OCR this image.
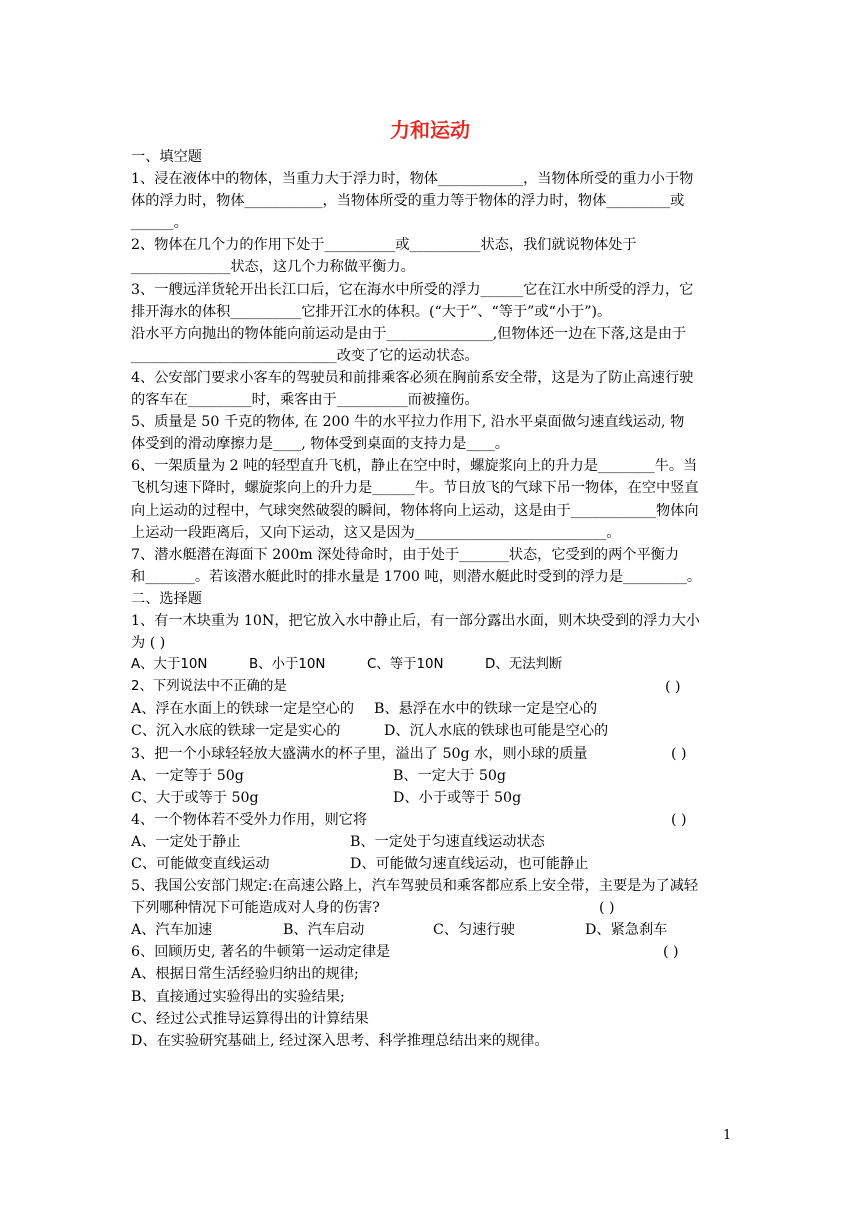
力和运动
一、填空题
1、浸在液体中的物体，当重力大于浮力时，物体____________，当物体所受的重力小于物
体的浮力时，物体___________，当物体所受的重力等于物体的浮力时，物体_________或
______。
2、物体在几个力的作用下处于__________或__________状态，我们就说物体处于
______________状态，这几个力称做平衡力。
3、一艘远洋货轮开出长江口后，它在海水中所受的浮力______它在江水中所受的浮力，它
排开海水的体积__________它排开江水的体积。(“大于”、“等于”或“小于”)。
沿水平方向抛出的物体能向前运动是由于_______________,但物体还一边在下落,这是由于
_____________________________改变了它的运动状态。
4、公安部门要求小客车的驾驶员和前排乘客必须在胸前系安全带，这是为了防止高速行驶
的客车在_________时，乘客由于__________而被撞伤。
5、质量是 50 千克的物体, 在 200 牛的水平拉力作用下, 沿水平桌面做匀速直线运动, 物
体受到的滑动摩擦力是____, 物体受到桌面的支持力是____。
6、一架质量为 2 吨的轻型直升飞机，静止在空中时，螺旋浆向上的升力是________牛。当
飞机匀速下降时，螺旋浆向上的升力是______牛。节日放飞的气球下吊一物体，在空中竖直
向上运动的过程中，气球突然破裂的瞬间，物体将向上运动，这是由于____________物体向
上运动一段距离后，又向下运动，这又是因为___________________________。
7、潜水艇潜在海面下 200m 深处待命时，由于处于_______状态，它受到的两个平衡力
和_______。若该潜水艇此时的排水量是 1700 吨，则潜水艇此时受到的浮力是_________。
二、选择题
1、有一木块重为 10N，把它放入水中静止后，有一部分露出水面，则木块受到的浮力大小
为 ( )
A、大于10N	B、小于10N	C、等于10N	D、无法判断
2、下列说法中不正确的是	( )
A、浮在水面上的铁球一定是空心的	B、悬浮在水中的铁球一定是空心的
C、沉入水底的铁球一定是实心的	D、沉人水底的铁球也可能是空心的
3、把一个小球轻轻放大盛满水的杯子里，溢出了 50g 水，则小球的质量	( )
A、一定等于 50g	B、一定大于 50g
C、大于或等于 50g	D、小于或等于 50g
4、一个物体若不受外力作用，则它将	( )
A、一定处于静止	B、一定处于匀速直线运动状态
C、可能做变直线运动	D、可能做匀速直线运动，也可能静止
5、我国公安部门规定:在高速公路上，汽车驾驶员和乘客都应系上安全带，主要是为了减轻
下列哪种情况下可能造成对人身的伤害?	( )
A、汽车加速	B、汽车启动	C、匀速行驶	D、紧急刹车
6、回顾历史, 著名的牛顿第一运动定律是	( )
A、根据日常生活经验归纳出的规律;
B、直接通过实验得出的实验结果;
C、经过公式推导运算得出的计算结果
D、在实验研究基础上, 经过深入思考、科学推理总结出来的规律。
1
